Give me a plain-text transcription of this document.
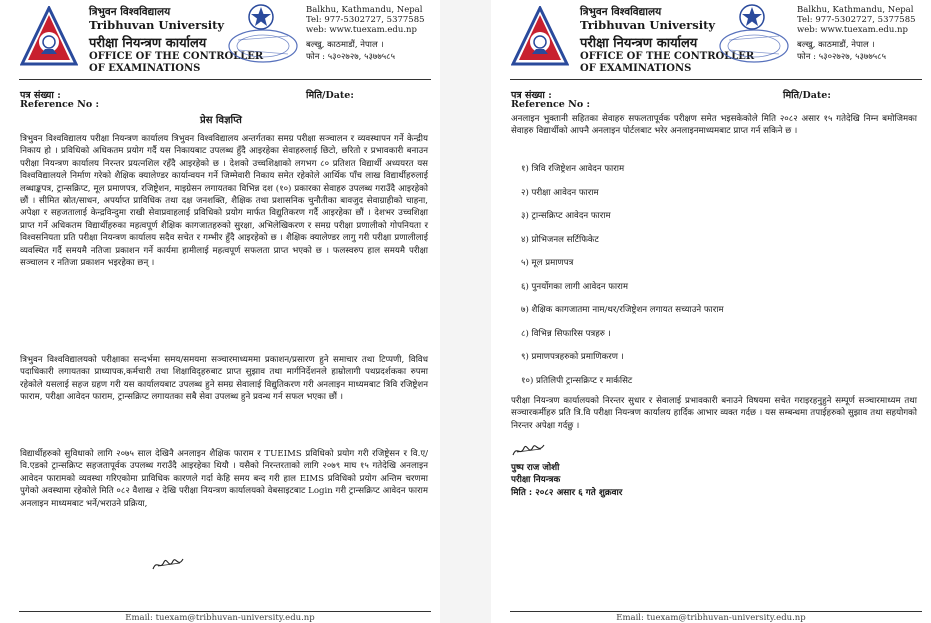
त्रिभुवन विश्वविद्यालय
Tribhuvan University
परीक्षा नियन्त्रण कार्यालय
OFFICE OF THE CONTROLLER
OF EXAMINATIONS
Balkhu, Kathmandu, Nepal
Tel: 977-5302727, 5377585
web: www.tuexam.edu.np
बल्खु, काठमाडौं, नेपाल ।
फोन : ५३०२७२७, ५३७७५८५
पत्र संख्या :
Reference No :
मिति/Date:
प्रेस विज्ञप्ति

त्रिभुवन विश्वविद्यालय परीक्षा नियन्त्रण कार्यालय त्रिभुवन विश्वविद्यालय अन्तर्गतका समग्र परीक्षा सञ्चालन र व्यवस्थापन गर्ने केन्द्रीय निकाय हो । प्रविधिको अधिकतम प्रयोग गर्दै यस निकायबाट उपलब्ध हुँदै आइरहेका सेवाहरुलाई छिटो, छरितो र प्रभावकारी बनाउन परीक्षा नियन्त्रण कार्यालय निरन्तर प्रयत्नशिल रहँदै आइरहेको छ । देशको उच्चशिक्षाको लगभग ८० प्रतिशत विद्यार्थी अध्ययरत यस विश्वविद्यालयले निर्माण गरेको शैक्षिक क्यालेण्डर कार्यान्वयन गर्ने जिम्मेवारी निकाय समेत रहेकोले आर्थिक पाँच लाख विद्यार्थीहरुलाई लब्धाङ्कपत्र, ट्रान्सक्रिप्ट, मूल प्रमाणपत्र, रजिष्ट्रेशन, माइग्रेसन लगायतका विभिन्न दश (१०) प्रकारका सेवाहरु उपलब्ध गराउँदै आइरहेको छौं । सीमित स्रोत/साधन, अपर्याप्त प्राविधिक तथा दक्ष जनशक्ति, शैक्षिक तथा प्रशासनिक चुनौतीका बावजुद सेवाग्राहीको चाहना, अपेक्षा र सहजतालाई केन्द्रविन्दुमा राखी सेवाप्रवाहलाई प्रविधिको प्रयोग मार्फत विद्युतिकरण गर्दै आइरहेका छौं । देशभर उच्चशिक्षा प्राप्त गर्ने अधिकतम विद्यार्थीहरुका महत्वपूर्ण शैक्षिक कागजातहरुको सुरक्षा, अभिलेखिकरण र समग्र परीक्षा प्रणालीको गोपनियता र विश्वसनियता प्रति परीक्षा नियन्त्रण कार्यालय सदैव सचेत र गम्भीर हुँदै आइरहेको छ । शैक्षिक क्यालेण्डर लागु गरी परीक्षा प्रणालीलाई व्यवस्थित गर्दै समयमै नतिजा प्रकाशन गर्ने कार्यमा हामीलाई महत्वपूर्ण सफलता प्राप्त भएको छ । फलस्वरुप हाल समयमै परीक्षा सञ्चालन र नतिजा प्रकाशन भइरहेका छन् ।

त्रिभुवन विश्वविद्यालयको परीक्षाका सन्दर्भमा समय/समयमा सञ्चारमाध्यममा प्रकाशन/प्रसारण हुने समाचार तथा टिप्पणी, विविध पदाधिकारी लगायतका प्राध्यापक,कर्मचारी तथा शिक्षाविद्हरुबाट प्राप्त सुझाव तथा मार्गनिर्देशनले हाम्रोलागी पथप्रदर्शकका रुपमा रहेकोले यसलाई सहज ग्रहण गरी यस कार्यालयबाट उपलब्ध हुने समग्र सेवालाई विद्युतिकरण गरी अनलाइन माध्यमबाट त्रिवि रजिष्ट्रेशन फाराम, परीक्षा आवेदन फाराम, ट्रान्सक्रिप्ट लगायतका सबै सेवा उपलब्ध हुने प्रवन्ध गर्न सफल भएका छौं ।

विद्यार्थीहरुको सुविधाको लागि २०७५ साल देखिनै अनलाइन शैक्षिक फाराम र TUEIMS प्रविधिको प्रयोग गरी रजिष्ट्रेसन र वि.ए/वि.एडको ट्रान्सक्रिप्ट सहजतापूर्वक उपलब्ध गराउँदै आइरहेका थियौ । यसैको निरन्तरताको लागि २०७९ माघ १५ गतेदेखि अनलाइन आवेदन फारामको व्यवस्था गरिएकोमा प्राविधिक कारणले गर्दा केहि समय बन्द गरी हाल EIMS प्रविधिको प्रयोग अन्तिम चरणमा पुगेको अवस्थामा रहेकोले मिति ०८२ वैशाख २ देखि परीक्षा नियन्त्रण कार्यालयको वेबसाइटबाट Login गरी ट्रान्सक्रिप्ट आवेदन फाराम अनलाइन माध्यमबाट भर्ने/भराउने प्रक्रिया,

Email: tuexam@tribhuvan-university.edu.np
त्रिभुवन विश्वविद्यालय
Tribhuvan University
परीक्षा नियन्त्रण कार्यालय
OFFICE OF THE CONTROLLER
OF EXAMINATIONS
Balkhu, Kathmandu, Nepal
Tel: 977-5302727, 5377585
web: www.tuexam.edu.np
बल्खु, काठमाडौं, नेपाल ।
फोन : ५३०२७२७, ५३७७५८५
पत्र संख्या :
Reference No :
मिति/Date:

अनलाइन भुक्तानी सहितका सेवाहरु सफलतापूर्वक परीक्षण समेत भइसकेकोले मिति २०८२ असार १५ गतेदेखि निम्न बमोजिमका सेवाहरु विद्यार्थीको आफ्नै अनलाइन पोर्टलबाट भरेर अनलाइनमाध्यमबाट प्राप्त गर्न सकिने छ ।

१) त्रिवि रजिष्ट्रेशन आवेदन फाराम
२) परीक्षा आवेदन फाराम
३) ट्रान्सक्रिप्ट आवेदन फाराम
४) प्रोभिजनल सर्टिफिकेट
५) मूल प्रमाणपत्र
६) पुनर्योगका लागी आवेदन फाराम
७) शैक्षिक कागजातमा नाम/थर/रजिष्ट्रेशन लगायत सच्याउने फाराम
८) विभिन्न सिफारिस पत्रहरु ।
९) प्रमाणपत्रहरुको प्रमाणिकरण ।
१०) प्रतिलिपी ट्रान्सक्रिप्ट र मार्कसिट

परीक्षा नियन्त्रण कार्यालयको निरन्तर सुधार र सेवालाई प्रभावकारी बनाउने विषयमा सचेत गराइरहनुहुने सम्पूर्ण सञ्चारमाध्यम तथा सञ्चारकर्मीहरु प्रति त्रि.वि परीक्षा नियन्त्रण कार्यालय हार्दिक आभार व्यक्त गर्दछ । यस सम्बन्धमा तपाईहरुको सुझाव तथा सहयोगको निरन्तर अपेक्षा गर्दछु ।

पुष्प राज जोशी
परीक्षा नियन्त्रक
मिति : २०८२ असार ६ गते शुक्रवार
Email: tuexam@tribhuvan-university.edu.np
